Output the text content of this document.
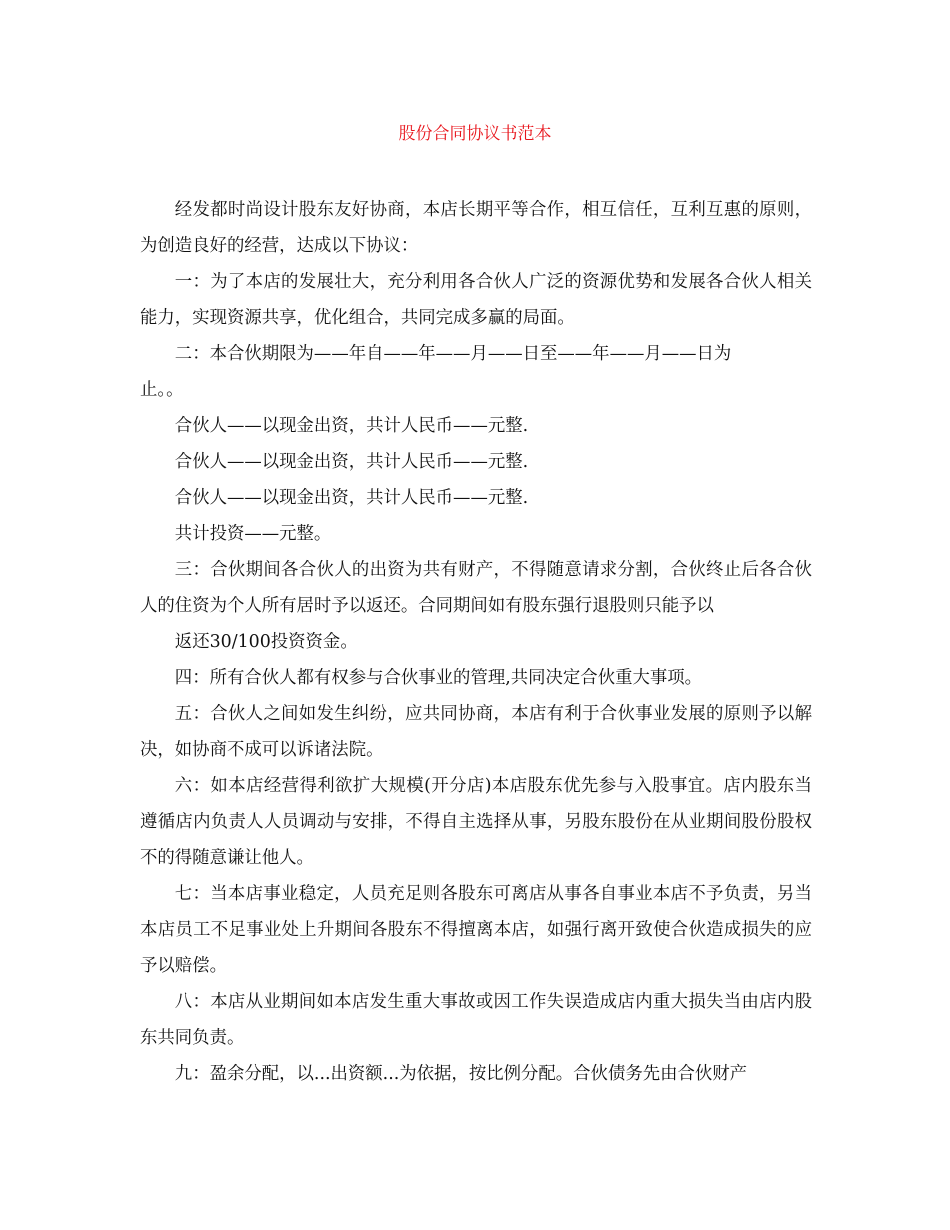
股份合同协议书范本

经发都时尚设计股东友好协商，本店长期平等合作，相互信任，互利互惠的原则，为创造良好的经营，达成以下协议：

一：为了本店的发展壮大，充分利用各合伙人广泛的资源优势和发展各合伙人相关能力，实现资源共享，优化组合，共同完成多赢的局面。

二：本合伙期限为——年自——年——月——日至——年——月——日为

止。。

合伙人——以现金出资，共计人民币——元整.

合伙人——以现金出资，共计人民币——元整.

合伙人——以现金出资，共计人民币——元整.

共计投资——元整。

三：合伙期间各合伙人的出资为共有财产，不得随意请求分割，合伙终止后各合伙人的住资为个人所有居时予以返还。合同期间如有股东强行退股则只能予以

返还30/100投资资金。

四：所有合伙人都有权参与合伙事业的管理,共同决定合伙重大事项。

五：合伙人之间如发生纠纷，应共同协商，本店有利于合伙事业发展的原则予以解决，如协商不成可以诉诸法院。

六：如本店经营得利欲扩大规模(开分店)本店股东优先参与入股事宜。店内股东当遵循店内负责人人员调动与安排，不得自主选择从事，另股东股份在从业期间股份股权不的得随意谦让他人。

七：当本店事业稳定，人员充足则各股东可离店从事各自事业本店不予负责，另当本店员工不足事业处上升期间各股东不得擅离本店，如强行离开致使合伙造成损失的应予以赔偿。

八：本店从业期间如本店发生重大事故或因工作失误造成店内重大损失当由店内股东共同负责。

九：盈余分配，以...出资额...为依据，按比例分配。合伙债务先由合伙财产
